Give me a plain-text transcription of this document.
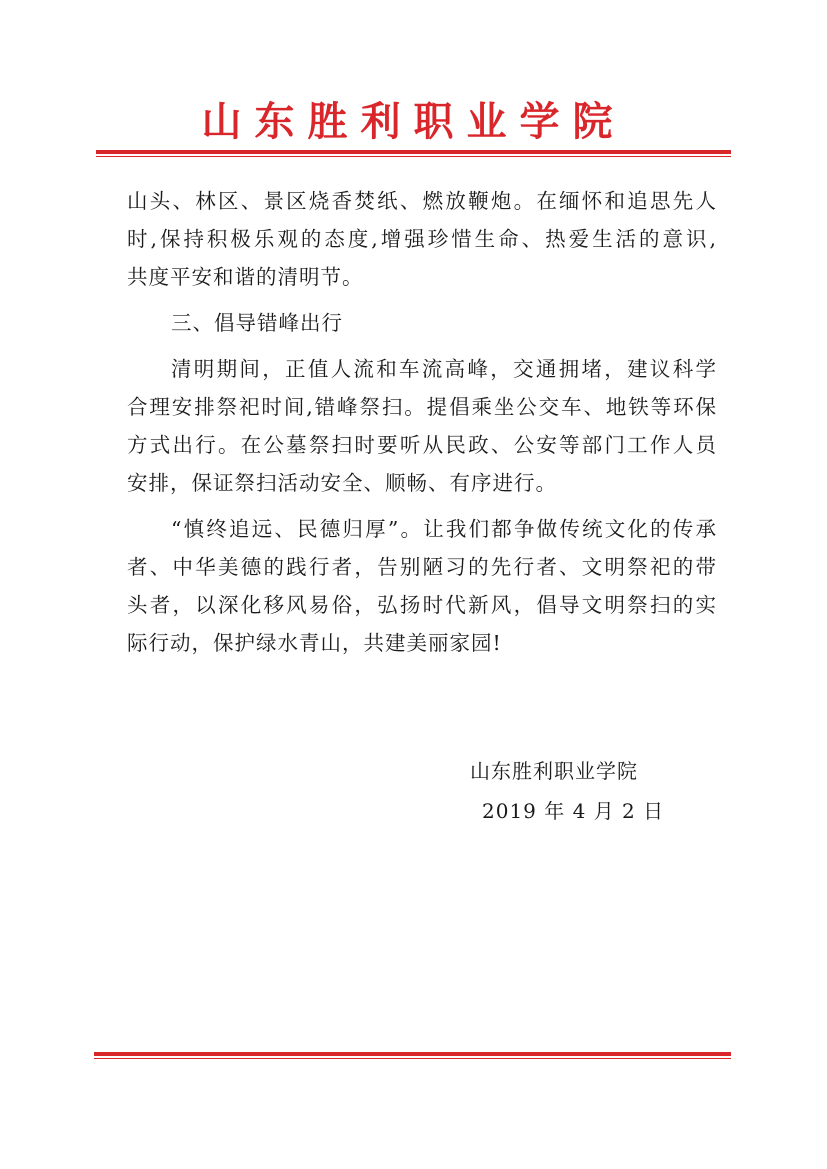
山东胜利职业学院

山头、林区、景区烧香焚纸、燃放鞭炮。在缅怀和追思先人
时,保持积极乐观的态度,增强珍惜生命、热爱生活的意识,
共度平安和谐的清明节。

三、倡导错峰出行

清明期间，正值人流和车流高峰，交通拥堵，建议科学
合理安排祭祀时间,错峰祭扫。提倡乘坐公交车、地铁等环保
方式出行。在公墓祭扫时要听从民政、公安等部门工作人员
安排，保证祭扫活动安全、顺畅、有序进行。

“慎终追远、民德归厚”。让我们都争做传统文化的传承
者、中华美德的践行者，告别陋习的先行者、文明祭祀的带
头者，以深化移风易俗，弘扬时代新风，倡导文明祭扫的实
际行动，保护绿水青山，共建美丽家园!

山东胜利职业学院
2019 年 4 月 2 日
